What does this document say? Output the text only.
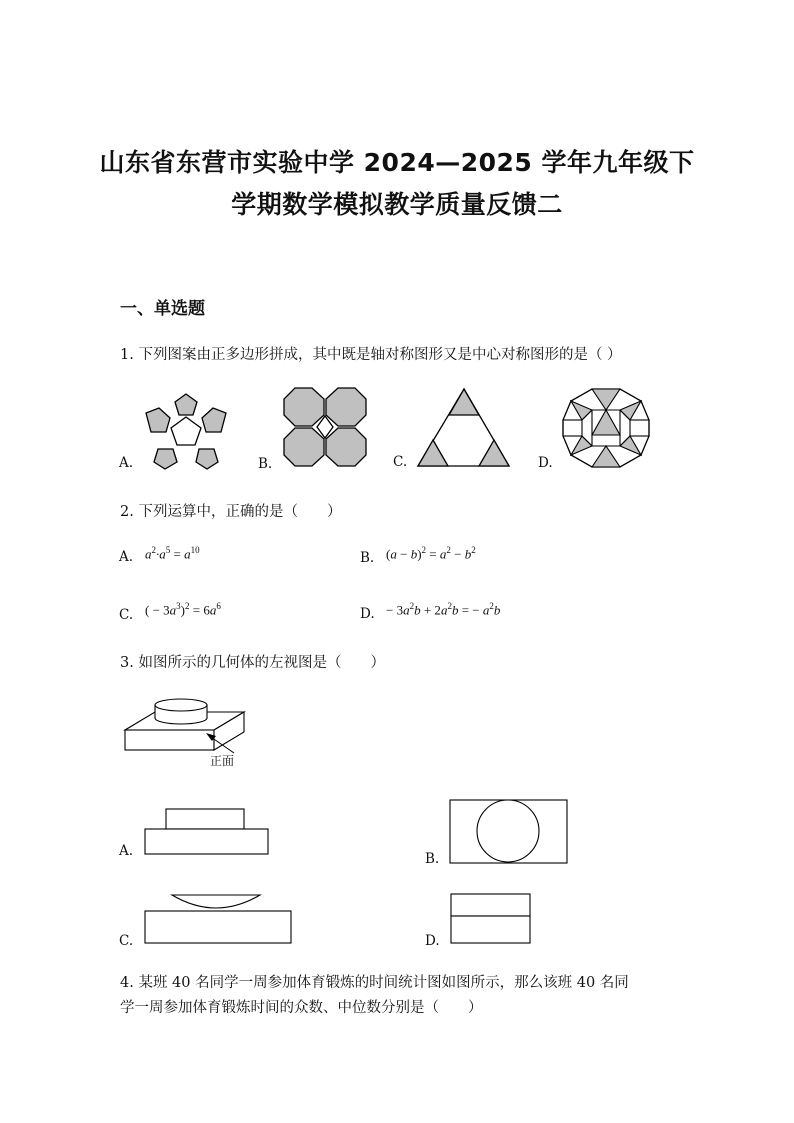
山东省东营市实验中学 2024—2025 学年九年级下
学期数学模拟教学质量反馈二
一、单选题
1. 下列图案由正多边形拼成，其中既是轴对称图形又是中心对称图形的是（ ）
A.	B.	C.	D.
2. 下列运算中，正确的是（　　）
A. $a^2\cdot a^5 = a^{10}$	B. $(a - b)^2 = a^2 - b^2$
C. ( − $3a^3)^2 = 6a^6$	D. − $3a^2b + 2a^2b$ = − $a^2b$
3. 如图所示的几何体的左视图是（　　）
正面
A.	B.
C.	D.
4. 某班 40 名同学一周参加体育锻炼的时间统计图如图所示，那么该班 40 名同
学一周参加体育锻炼时间的众数、中位数分别是（　　）
